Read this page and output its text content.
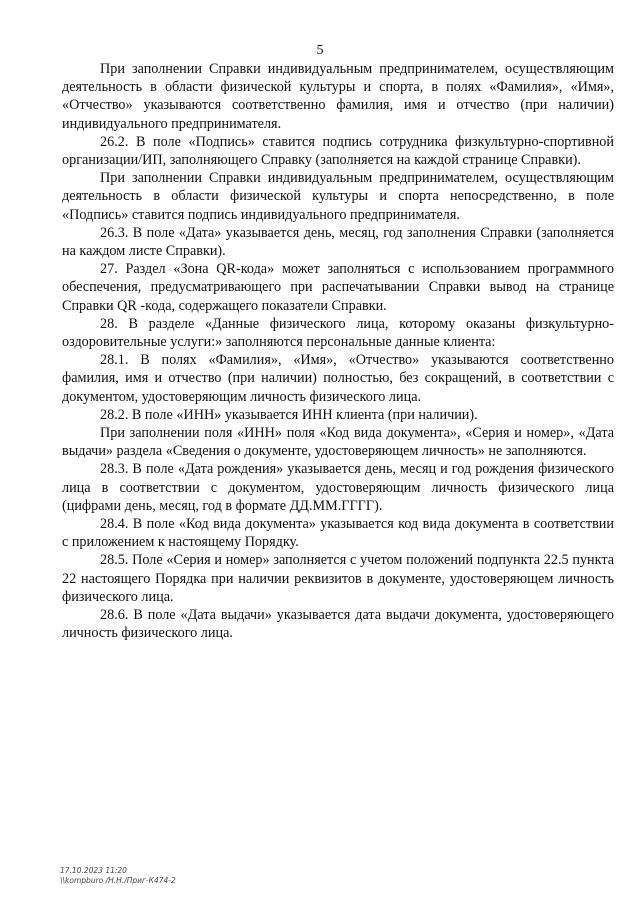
5

При заполнении Справки индивидуальным предпринимателем, осуществляющим деятельность в области физической культуры и спорта, в полях «Фамилия», «Имя», «Отчество» указываются соответственно фамилия, имя и отчество (при наличии) индивидуального предпринимателя.

26.2. В поле «Подпись» ставится подпись сотрудника физкультурно-спортивной организации/ИП, заполняющего Справку (заполняется на каждой странице Справки).

При заполнении Справки индивидуальным предпринимателем, осуществляющим деятельность в области физической культуры и спорта непосредственно, в поле «Подпись» ставится подпись индивидуального предпринимателя.

26.3. В поле «Дата» указывается день, месяц, год заполнения Справки (заполняется на каждом листе Справки).

27. Раздел «Зона QR-кода» может заполняться с использованием программного обеспечения, предусматривающего при распечатывании Справки вывод на странице Справки QR -кода, содержащего показатели Справки.

28. В разделе «Данные физического лица, которому оказаны физкультурно-оздоровительные услуги:» заполняются персональные данные клиента:

28.1. В полях «Фамилия», «Имя», «Отчество» указываются соответственно фамилия, имя и отчество (при наличии) полностью, без сокращений, в соответствии с документом, удостоверяющим личность физического лица.

28.2. В поле «ИНН» указывается ИНН клиента (при наличии).

При заполнении поля «ИНН» поля «Код вида документа», «Серия и номер», «Дата выдачи» раздела «Сведения о документе, удостоверяющем личность» не заполняются.

28.3. В поле «Дата рождения» указывается день, месяц и год рождения физического лица в соответствии с документом, удостоверяющим личность физического лица (цифрами день, месяц, год в формате ДД.ММ.ГГГГ).

28.4. В поле «Код вида документа» указывается код вида документа в соответствии с приложением к настоящему Порядку.

28.5. Поле «Серия и номер» заполняется с учетом положений подпункта 22.5 пункта 22 настоящего Порядка при наличии реквизитов в документе, удостоверяющем личность физического лица.

28.6. В поле «Дата выдачи» указывается дата выдачи документа, удостоверяющего личность физического лица.

17.10.2023 11:20
\\kompburo /Н.Н./Приг-К474-2
